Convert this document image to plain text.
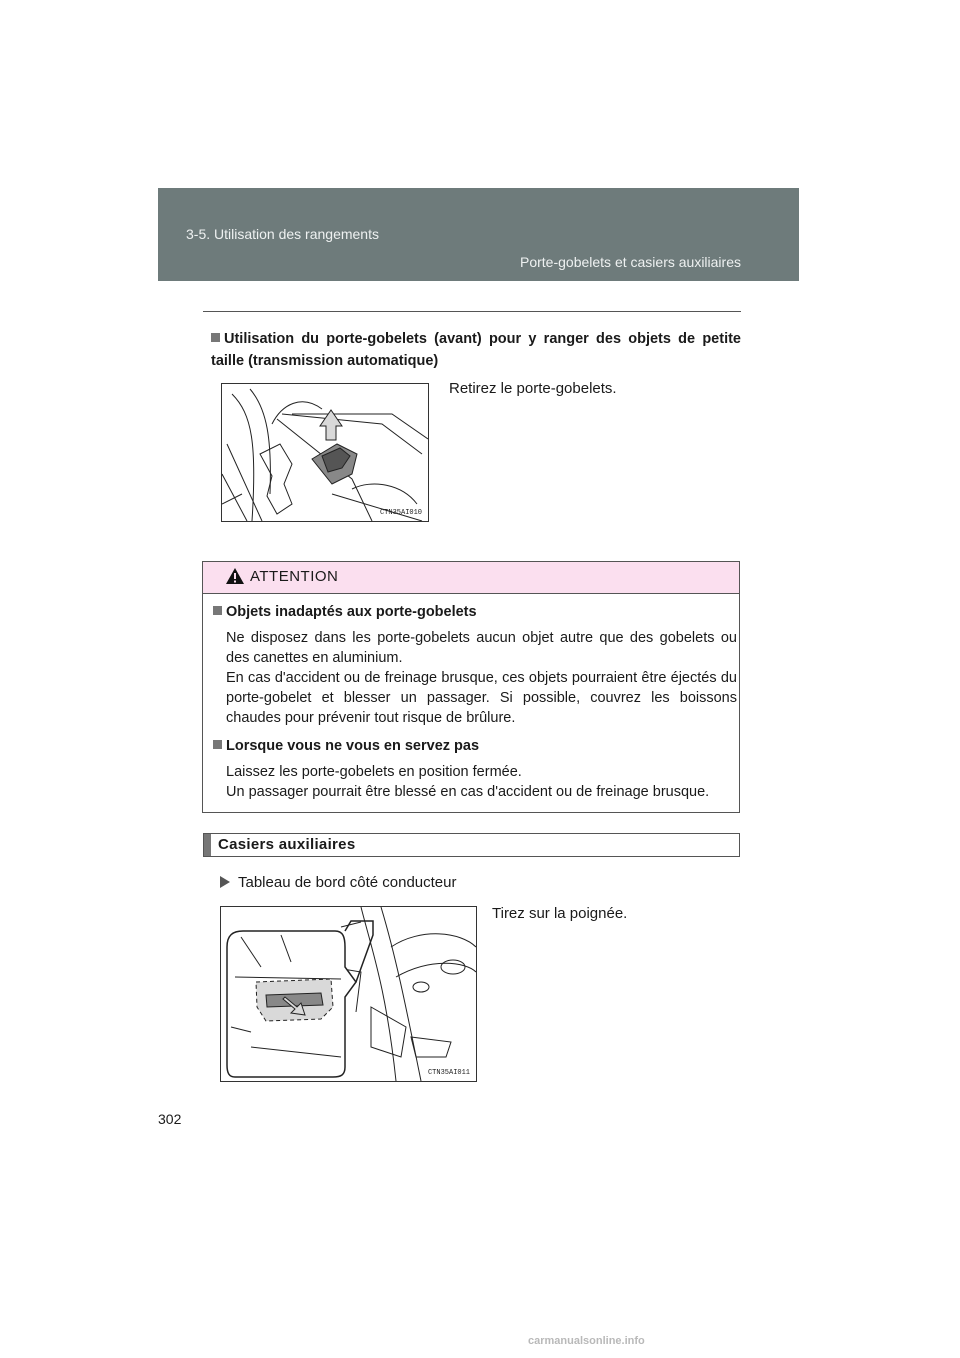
3-5. Utilisation des rangements
Porte-gobelets et casiers auxiliaires
Utilisation du porte-gobelets (avant) pour y ranger des objets de petite taille (transmission automatique)
CTN35AI010
Retirez le porte-gobelets.
ATTENTION
Objets inadaptés aux porte-gobelets

Ne disposez dans les porte-gobelets aucun objet autre que des gobelets ou des canettes en aluminium.

En cas d'accident ou de freinage brusque, ces objets pourraient être éjectés du porte-gobelet et blesser un passager. Si possible, couvrez les boissons chaudes pour prévenir tout risque de brûlure.

Lorsque vous ne vous en servez pas

Laissez les porte-gobelets en position fermée.

Un passager pourrait être blessé en cas d'accident ou de freinage brusque.

Casiers auxiliaires
Tableau de bord côté conducteur
CTN35AI011
Tirez sur la poignée.
302
carmanualsonline.info
